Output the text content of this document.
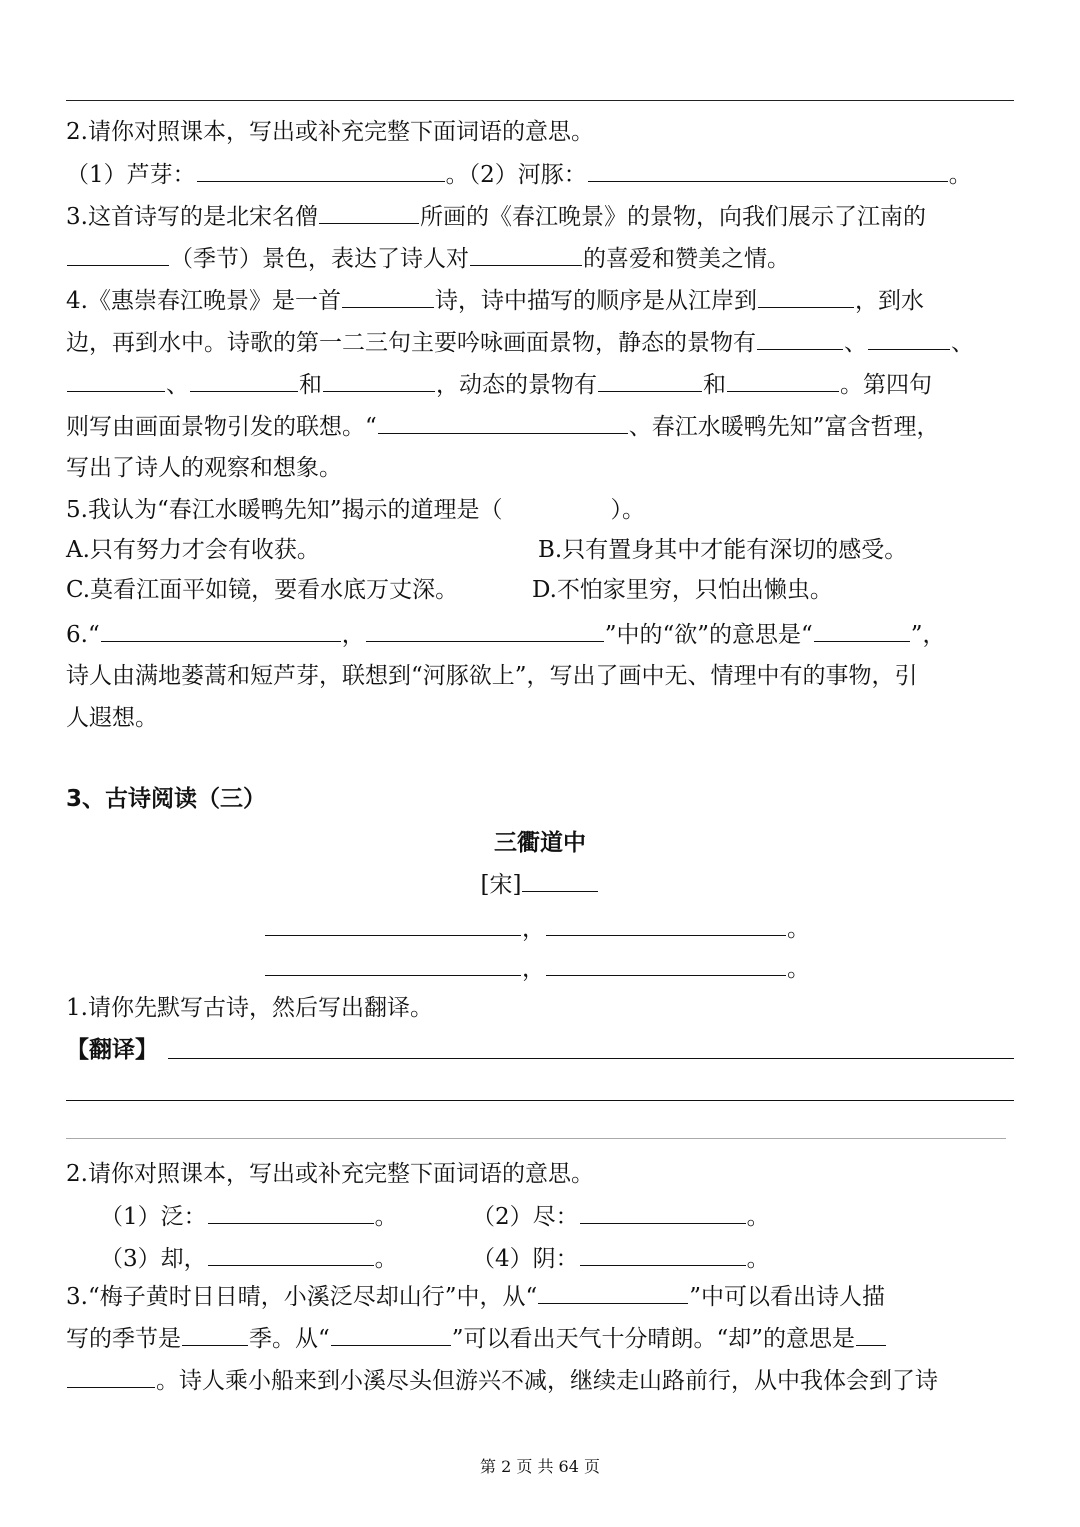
2.请你对照课本，写出或补充完整下面词语的意思。
（1）芦芽：	。（2）河豚：	。
3.这首诗写的是北宋名僧	所画的《春江晚景》的景物，向我们展示了江南的
（季节）景色，表达了诗人对	的喜爱和赞美之情。
4.《惠崇春江晚景》是一首	诗，诗中描写的顺序是从江岸到	，到水
边，再到水中。诗歌的第一二三句主要吟咏画面景物，静态的景物有	、	、
、	和	，动态的景物有	和	。第四句
则写由画面景物引发的联想。“	、春江水暖鸭先知”富含哲理，
写出了诗人的观察和想象。
5.我认为“春江水暖鸭先知”揭示的道理是（	）。
A.只有努力才会有收获。	B.只有置身其中才能有深切的感受。
C.莫看江面平如镜，要看水底万丈深。	D.不怕家里穷，只怕出懒虫。
6.“	，	”中的“欲”的意思是“	”，
诗人由满地蒌蒿和短芦芽，联想到“河豚欲上”，写出了画中无、情理中有的事物，引
人遐想。
3、古诗阅读（三）
三衢道中
[宋]
，	。
，	。
1.请你先默写古诗，然后写出翻译。
【翻译】
2.请你对照课本，写出或补充完整下面词语的意思。
（1）泛：	。	（2）尽：	。
（3）却，	。	（4）阴：	。
3.“梅子黄时日日晴，小溪泛尽却山行”中，从“	”中可以看出诗人描
写的季节是	季。从“	”可以看出天气十分晴朗。“却”的意思是
。诗人乘小船来到小溪尽头但游兴不减，继续走山路前行，从中我体会到了诗
第 2 页 共 64 页
